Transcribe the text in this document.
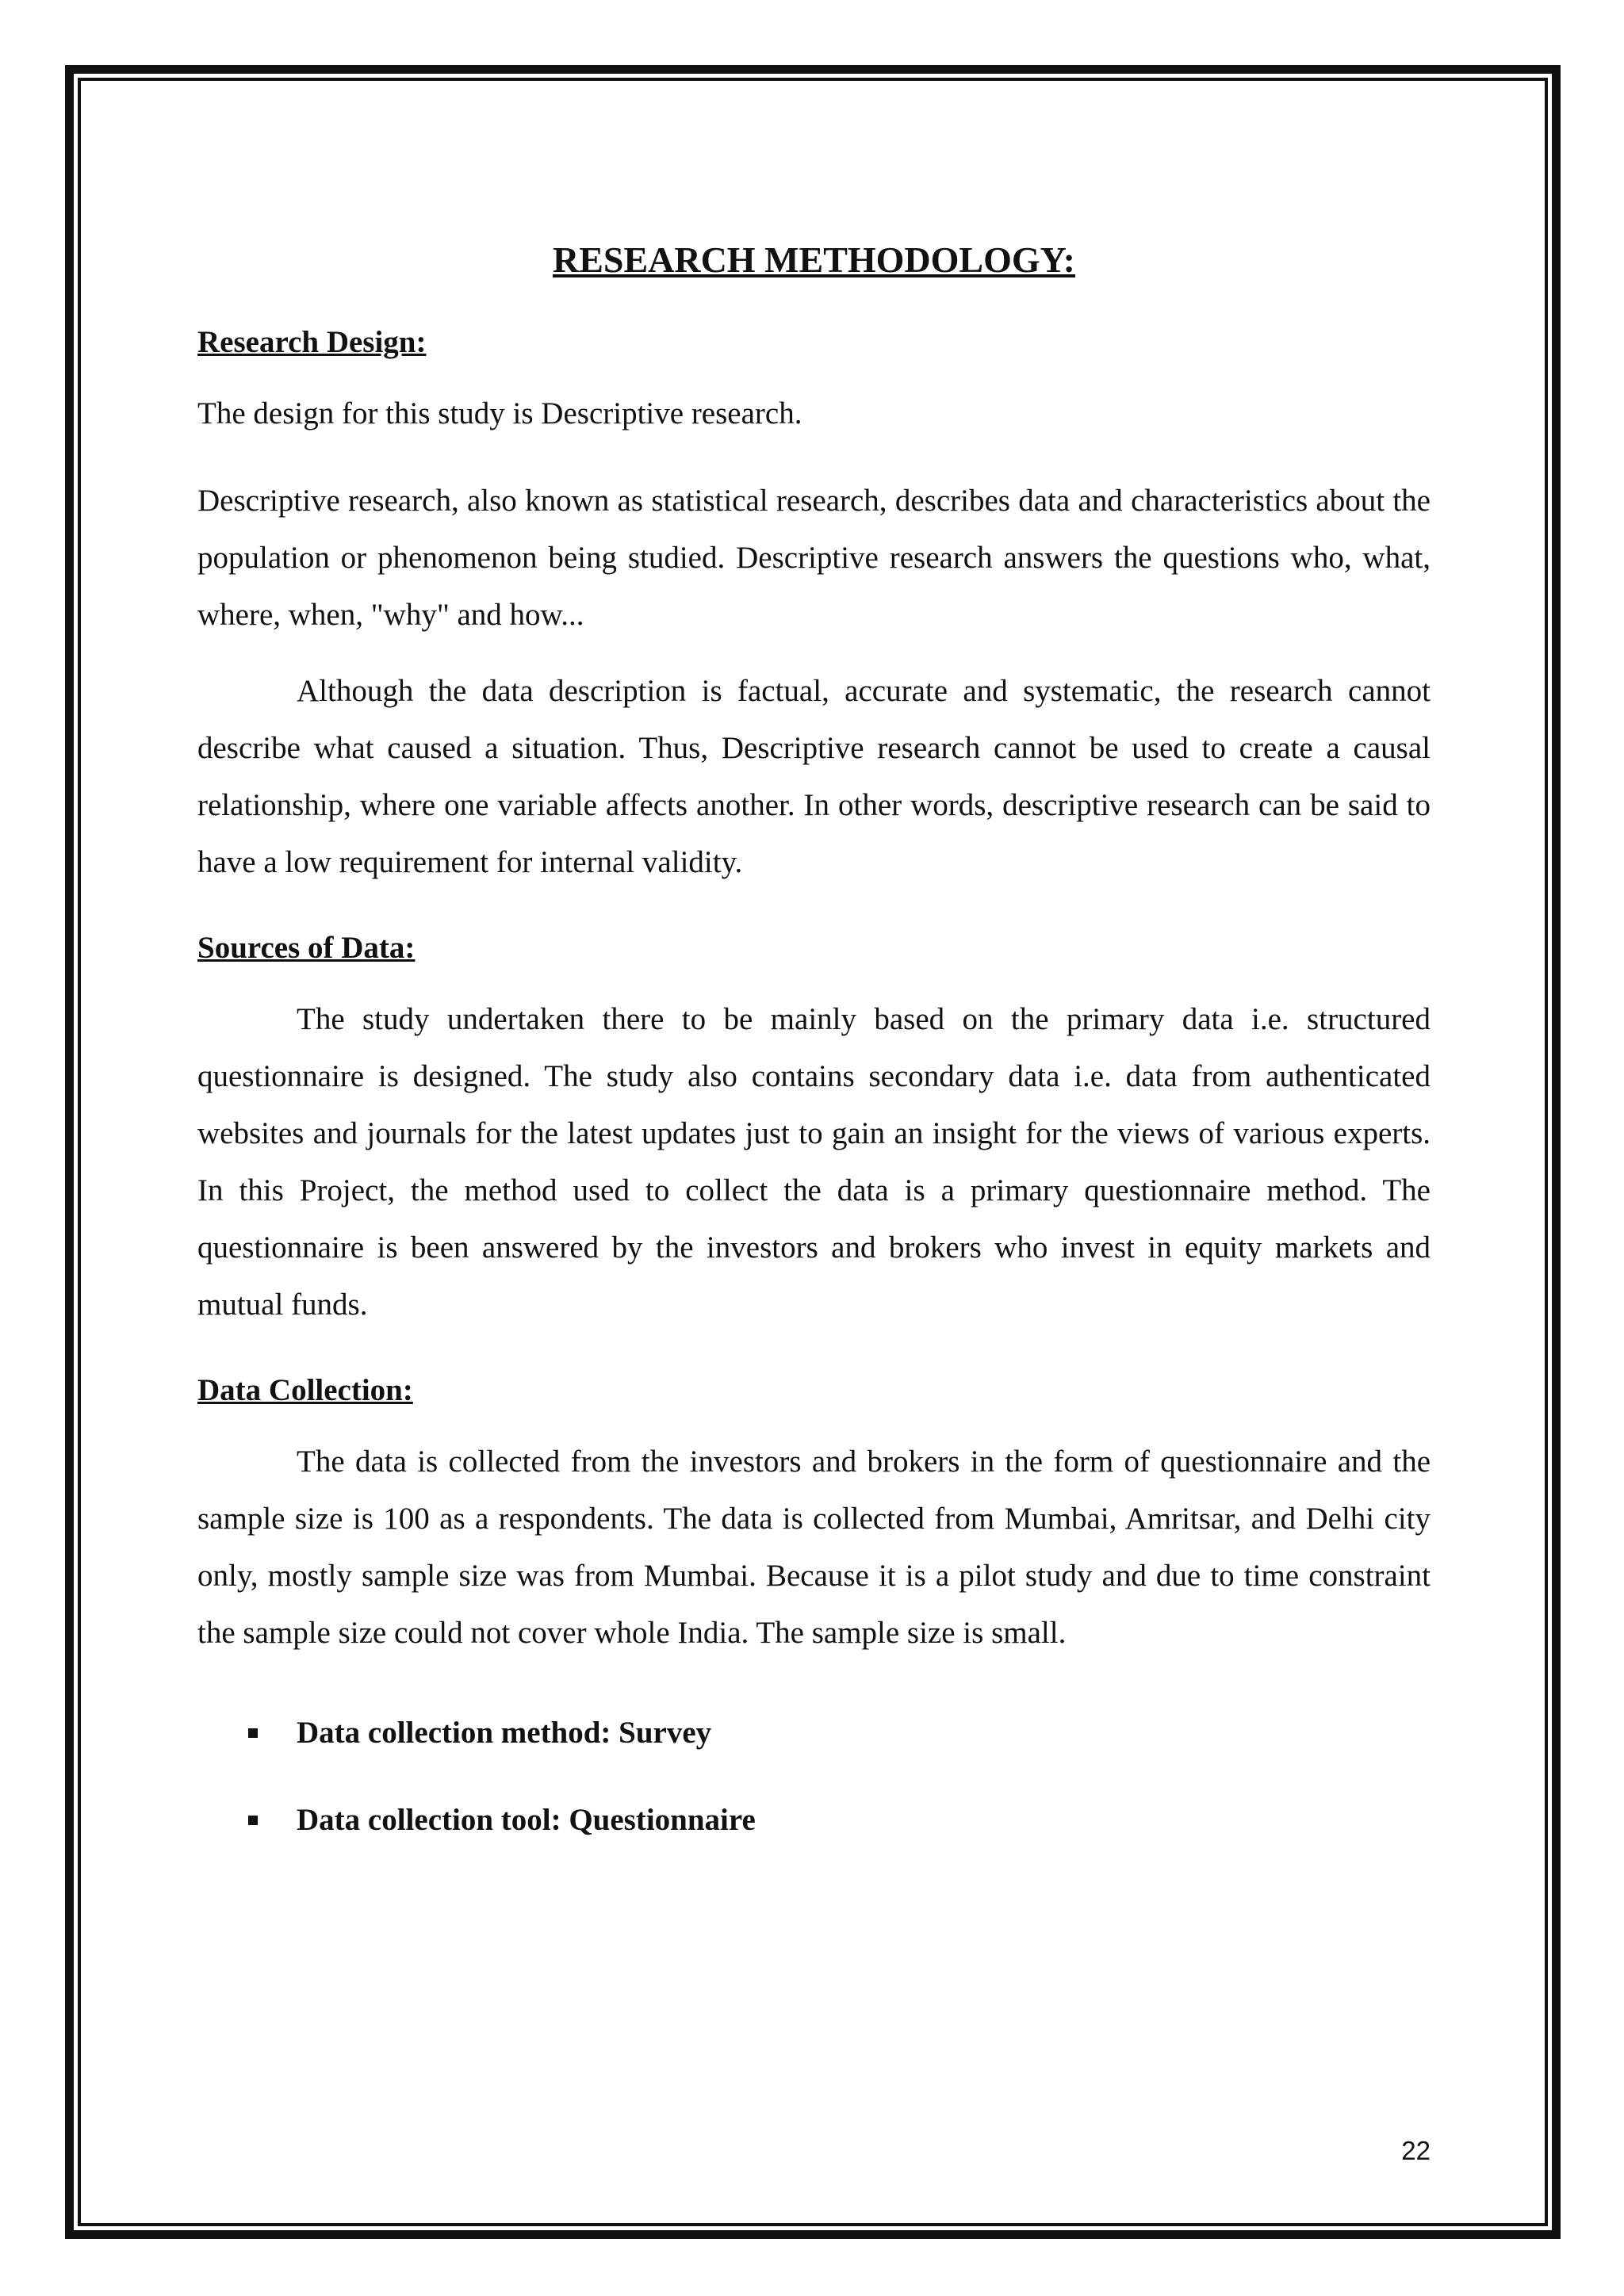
RESEARCH METHODOLOGY:
Research Design:

The design for this study is Descriptive research.

Descriptive research, also known as statistical research, describes data and characteristics about the population or phenomenon being studied. Descriptive research answers the questions who, what, where, when, "why" and how...

Although the data description is factual, accurate and systematic, the research cannot describe what caused a situation. Thus, Descriptive research cannot be used to create a causal relationship, where one variable affects another. In other words, descriptive research can be said to have a low requirement for internal validity.

Sources of Data:

The study undertaken there to be mainly based on the primary data i.e. structured questionnaire is designed. The study also contains secondary data i.e. data from authenticated websites and journals for the latest updates just to gain an insight for the views of various experts. In this Project, the method used to collect the data is a primary questionnaire method. The questionnaire is been answered by the investors and brokers who invest in equity markets and mutual funds.

Data Collection:

The data is collected from the investors and brokers in the form of questionnaire and the sample size is 100 as a respondents. The data is collected from Mumbai, Amritsar, and Delhi city only, mostly sample size was from Mumbai. Because it is a pilot study and due to time constraint the sample size could not cover whole India. The sample size is small.

Data collection method: Survey
Data collection tool: Questionnaire
22
